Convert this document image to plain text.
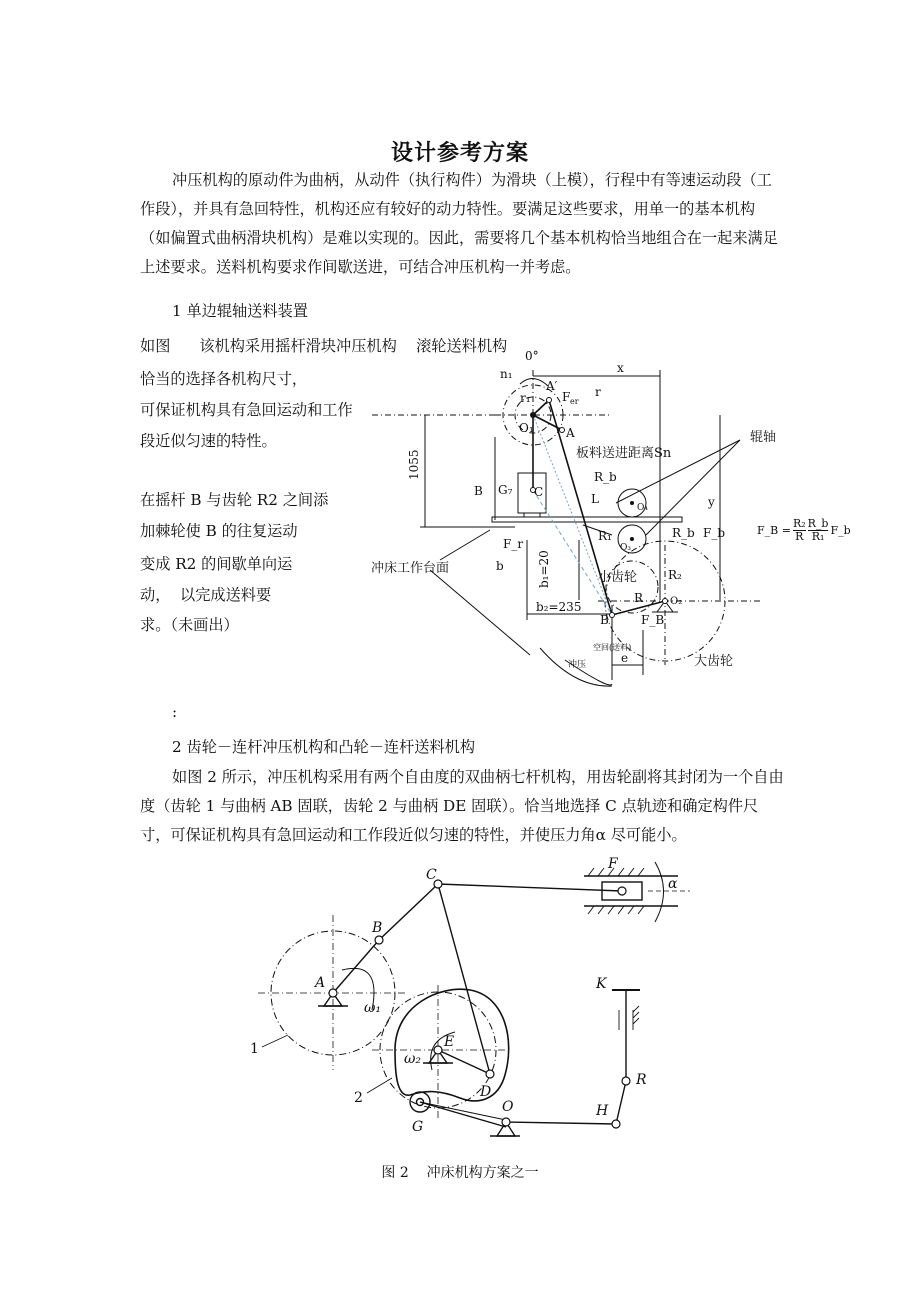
设计参考方案
冲压机构的原动件为曲柄，从动件（执行构件）为滑块（上模），行程中有等速运动段（工作段），并具有急回特性，机构还应有较好的动力特性。要满足这些要求，用单一的基本机构（如偏置式曲柄滑块机构）是难以实现的。因此，需要将几个基本机构恰当地组合在一起来满足上述要求。送料机构要求作间歇送进，可结合冲压机构一并考虑。
1 单边辊轴送料装置
如图      该机构采用摇杆滑块冲压机构    滚轮送料机构
恰当的选择各机构尺寸，
可保证机构具有急回运动和工作
段近似匀速的特性。
在摇杆 B 与齿轮 R2 之间添
加棘轮使 B 的往复运动
变成 R2 的间歇单向运
动，  以完成送料要
求。（未画出）
:
0°
n₁
r₁
A′
F er
r
x
O₁	A	辊轴
板料送进距离Sn
1055
B G₇ C
R_b
L
O₄	y
R_b F_b
R₁
O₃
F_r
b	b₁=20	小齿轮	R₂
冲床工作台面
R	O₂
b₂=235
B	F_B
空回(送料)
e	大齿轮
冲压
F_B = $\frac{\text{R₂}}{R} \frac{R\_b}{\text{R₁}}$ F_b
2 齿轮－连杆冲压机构和凸轮－连杆送料机构
如图 2 所示，冲压机构采用有两个自由度的双曲柄七杆机构，用齿轮副将其封闭为一个自由度（齿轮 1 与曲柄 AB 固联，齿轮 2 与曲柄 DE 固联）。恰当地选择 C 点轨迹和确定构件尺寸，可保证机构具有急回运动和工作段近似匀速的特性，并使压力角α 尽可能小。
C
F
α
B
A
ω₁
K
E
ω₂
R
D
O	H
G
1
2
图 2    冲床机构方案之一
